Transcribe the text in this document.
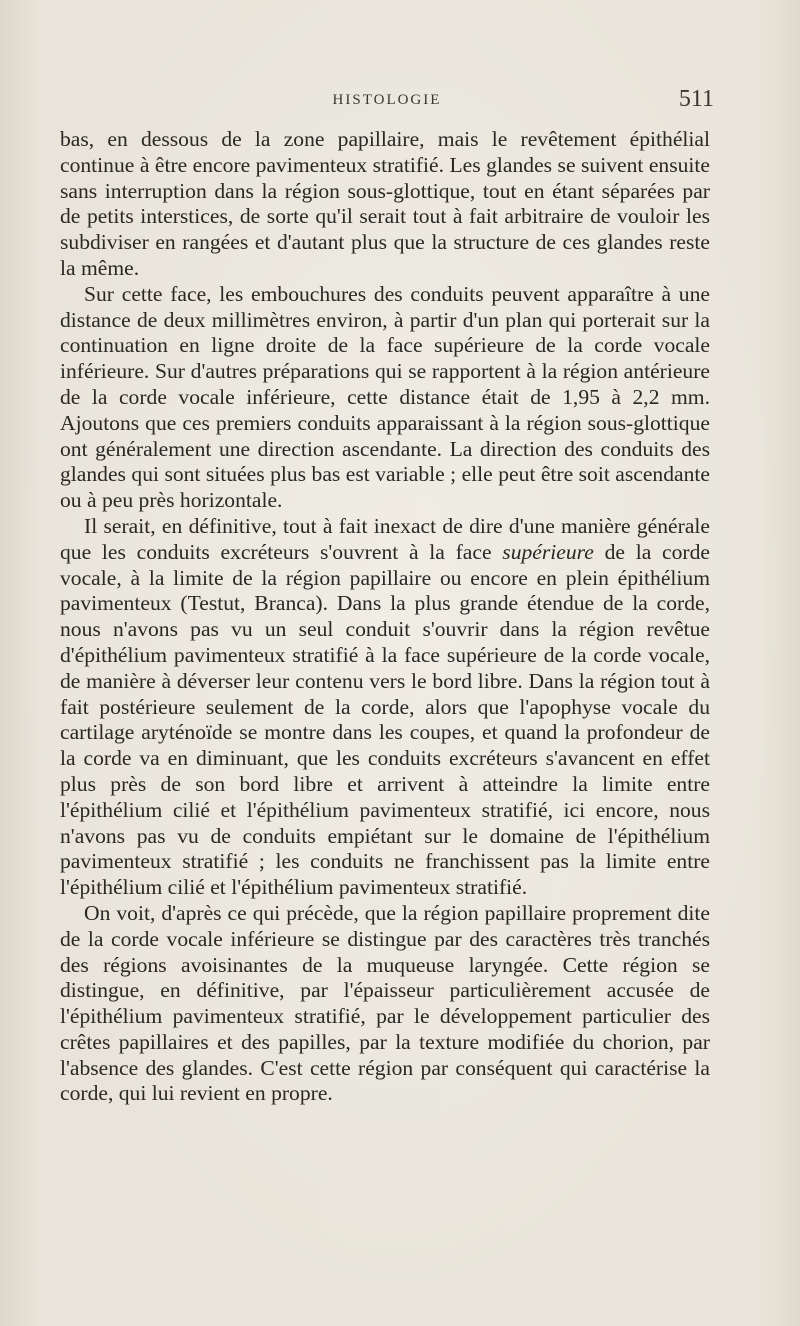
HISTOLOGIE	511

bas, en dessous de la zone papillaire, mais le revêtement épithélial continue à être encore pavimenteux stratifié. Les glandes se suivent ensuite sans interruption dans la région sous-glottique, tout en étant séparées par de petits interstices, de sorte qu'il serait tout à fait arbitraire de vouloir les subdiviser en rangées et d'autant plus que la structure de ces glandes reste la même.

Sur cette face, les embouchures des conduits peuvent apparaître à une distance de deux millimètres environ, à partir d'un plan qui porterait sur la continuation en ligne droite de la face supérieure de la corde vocale inférieure. Sur d'autres préparations qui se rapportent à la région antérieure de la corde vocale inférieure, cette distance était de 1,95 à 2,2 mm. Ajoutons que ces premiers conduits apparaissant à la région sous-glottique ont généralement une direction ascendante. La direction des conduits des glandes qui sont situées plus bas est variable ; elle peut être soit ascendante ou à peu près horizontale.

Il serait, en définitive, tout à fait inexact de dire d'une manière générale que les conduits excréteurs s'ouvrent à la face supérieure de la corde vocale, à la limite de la région papillaire ou encore en plein épithélium pavimenteux (Testut, Branca). Dans la plus grande étendue de la corde, nous n'avons pas vu un seul conduit s'ouvrir dans la région revêtue d'épithélium pavimenteux stratifié à la face supérieure de la corde vocale, de manière à déverser leur contenu vers le bord libre. Dans la région tout à fait postérieure seulement de la corde, alors que l'apophyse vocale du cartilage aryténoïde se montre dans les coupes, et quand la profondeur de la corde va en diminuant, que les conduits excréteurs s'avancent en effet plus près de son bord libre et arrivent à atteindre la limite entre l'épithélium cilié et l'épithélium pavimenteux stratifié, ici encore, nous n'avons pas vu de conduits empiétant sur le domaine de l'épithélium pavimenteux stratifié ; les conduits ne franchissent pas la limite entre l'épithélium cilié et l'épithélium pavimenteux stratifié.

On voit, d'après ce qui précède, que la région papillaire proprement dite de la corde vocale inférieure se distingue par des caractères très tranchés des régions avoisinantes de la muqueuse laryngée. Cette région se distingue, en définitive, par l'épaisseur particulièrement accusée de l'épithélium pavimenteux stratifié, par le développement particulier des crêtes papillaires et des papilles, par la texture modifiée du chorion, par l'absence des glandes. C'est cette région par conséquent qui caractérise la corde, qui lui revient en propre.
